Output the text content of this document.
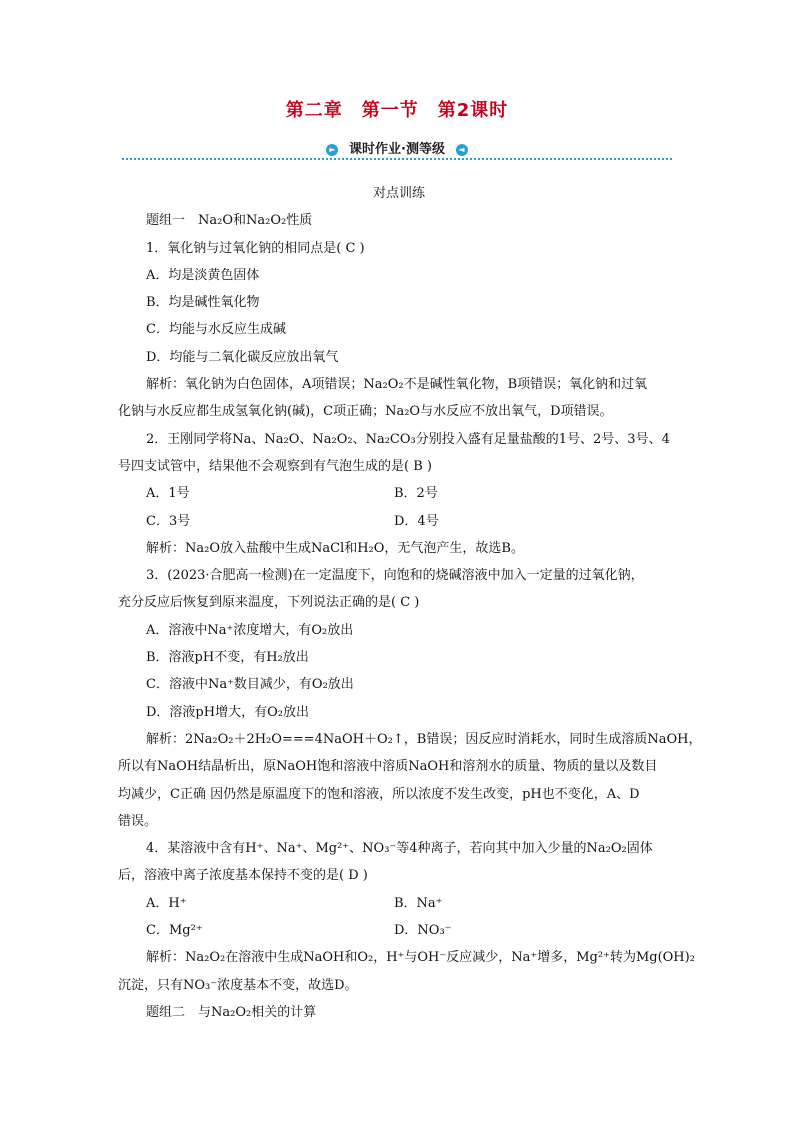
第二章　第一节　第2课时
► 课时作业·测等级 ◄
对点训练
题组一　Na₂O和Na₂O₂性质
1．氧化钠与过氧化钠的相同点是( C )
A．均是淡黄色固体
B．均是碱性氧化物
C．均能与水反应生成碱
D．均能与二氧化碳反应放出氧气
解析：氧化钠为白色固体，A项错误；Na₂O₂不是碱性氧化物，B项错误；氧化钠和过氧
化钠与水反应都生成氢氧化钠(碱)，C项正确；Na₂O与水反应不放出氧气，D项错误。
2．王刚同学将Na、Na₂O、Na₂O₂、Na₂CO₃分别投入盛有足量盐酸的1号、2号、3号、4
号四支试管中，结果他不会观察到有气泡生成的是( B )
A．1号	B．2号
C．3号	D．4号
解析：Na₂O放入盐酸中生成NaCl和H₂O，无气泡产生，故选B。
3．(2023·合肥高一检测)在一定温度下，向饱和的烧碱溶液中加入一定量的过氧化钠，
充分反应后恢复到原来温度，下列说法正确的是( C )
A．溶液中Na⁺浓度增大，有O₂放出
B．溶液pH不变，有H₂放出
C．溶液中Na⁺数目减少，有O₂放出
D．溶液pH增大，有O₂放出
解析：2Na₂O₂＋2H₂O===4NaOH＋O₂↑，B错误；因反应时消耗水，同时生成溶质NaOH，
所以有NaOH结晶析出，原NaOH饱和溶液中溶质NaOH和溶剂水的质量、物质的量以及数目
均减少，C正确 因仍然是原温度下的饱和溶液，所以浓度不发生改变，pH也不变化，A、D
错误。
4．某溶液中含有H⁺、Na⁺、Mg²⁺、NO₃⁻等4种离子，若向其中加入少量的Na₂O₂固体
后，溶液中离子浓度基本保持不变的是( D )
A．H⁺	B．Na⁺
C．Mg²⁺	D．NO₃⁻
解析：Na₂O₂在溶液中生成NaOH和O₂，H⁺与OH⁻反应减少，Na⁺增多，Mg²⁺转为Mg(OH)₂
沉淀，只有NO₃⁻浓度基本不变，故选D。
题组二　与Na₂O₂相关的计算
